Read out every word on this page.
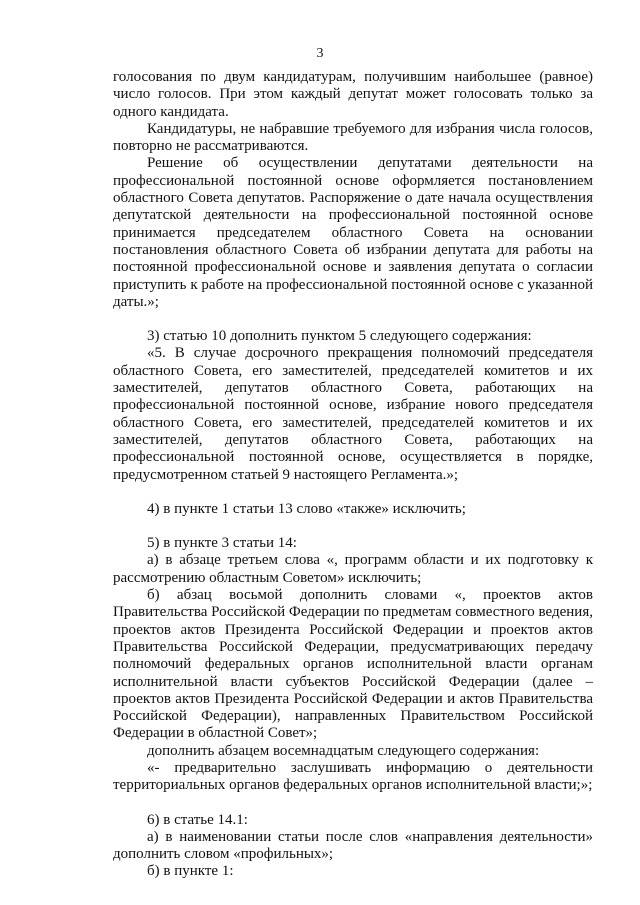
3

голосования по двум кандидатурам, получившим наибольшее (равное) число голосов. При этом каждый депутат может голосовать только за одного кандидата.

Кандидатуры, не набравшие требуемого для избрания числа голосов, повторно не рассматриваются.

Решение об осуществлении депутатами деятельности на профессиональной постоянной основе оформляется постановлением областного Совета депутатов. Распоряжение о дате начала осуществления депутатской деятельности на профессиональной постоянной основе принимается председателем областного Совета на основании постановления областного Совета об избрании депутата для работы на постоянной профессиональной основе и заявления депутата о согласии приступить к работе на профессиональной постоянной основе с указанной даты.»;

3) статью 10 дополнить пунктом 5 следующего содержания:

«5. В случае досрочного прекращения полномочий председателя областного Совета, его заместителей, председателей комитетов и их заместителей, депутатов областного Совета, работающих на профессиональной постоянной основе, избрание нового председателя областного Совета, его заместителей, председателей комитетов и их заместителей, депутатов областного Совета, работающих на профессиональной постоянной основе, осуществляется в порядке, предусмотренном статьей 9 настоящего Регламента.»;

4) в пункте 1 статьи 13 слово «также» исключить;

5) в пункте 3 статьи 14:

а) в абзаце третьем слова «, программ области и их подготовку к рассмотрению областным Советом» исключить;

б) абзац восьмой дополнить словами «, проектов актов Правительства Российской Федерации по предметам совместного ведения, проектов актов Президента Российской Федерации и проектов актов Правительства Российской Федерации, предусматривающих передачу полномочий федеральных органов исполнительной власти органам исполнительной власти субъектов Российской Федерации (далее – проектов актов Президента Российской Федерации и актов Правительства Российской Федерации), направленных Правительством Российской Федерации в областной Совет»;

дополнить абзацем восемнадцатым следующего содержания:

«- предварительно заслушивать информацию о деятельности территориальных органов федеральных органов исполнительной власти;»;

6) в статье 14.1:

а) в наименовании статьи после слов «направления деятельности» дополнить словом «профильных»;

б) в пункте 1:
